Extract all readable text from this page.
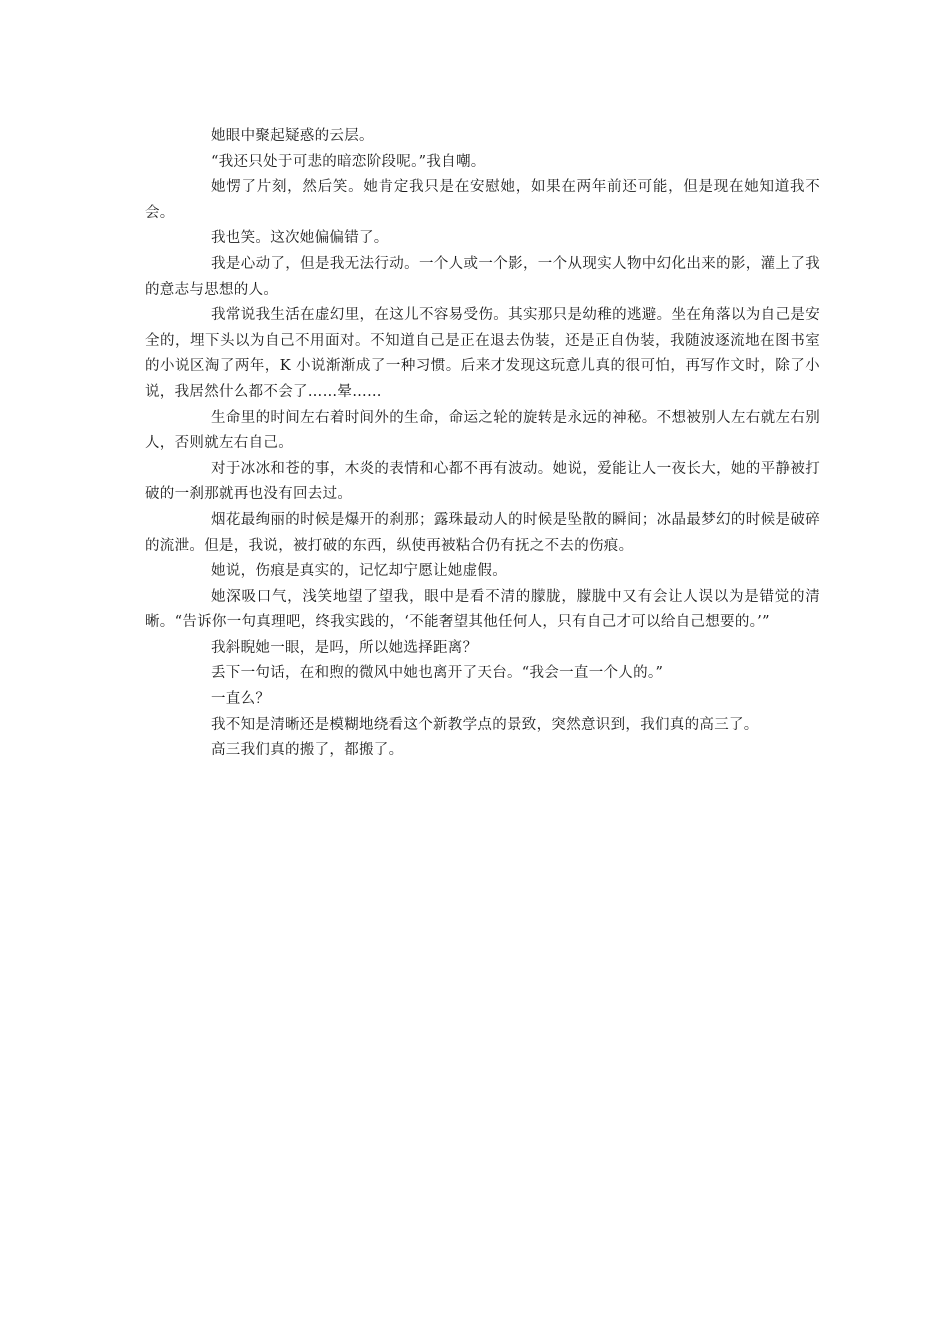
她眼中聚起疑惑的云层。

“我还只处于可悲的暗恋阶段呢。”我自嘲。

她愣了片刻，然后笑。她肯定我只是在安慰她，如果在两年前还可能，但是现在她知道我不会。

我也笑。这次她偏偏错了。

我是心动了，但是我无法行动。一个人或一个影，一个从现实人物中幻化出来的影，灌上了我的意志与思想的人。

我常说我生活在虚幻里，在这儿不容易受伤。其实那只是幼稚的逃避。坐在角落以为自己是安全的，埋下头以为自己不用面对。不知道自己是正在退去伪装，还是正自伪装，我随波逐流地在图书室的小说区淘了两年，K 小说渐渐成了一种习惯。后来才发现这玩意儿真的很可怕，再写作文时，除了小说，我居然什么都不会了……晕……

生命里的时间左右着时间外的生命，命运之轮的旋转是永远的神秘。不想被别人左右就左右别人，否则就左右自己。

对于冰冰和苍的事，木炎的表情和心都不再有波动。她说，爱能让人一夜长大，她的平静被打破的一刹那就再也没有回去过。

烟花最绚丽的时候是爆开的刹那；露珠最动人的时候是坠散的瞬间；冰晶最梦幻的时候是破碎的流泄。但是，我说，被打破的东西，纵使再被粘合仍有抚之不去的伤痕。

她说，伤痕是真实的，记忆却宁愿让她虚假。

她深吸口气，浅笑地望了望我，眼中是看不清的朦胧，朦胧中又有会让人误以为是错觉的清晰。“告诉你一句真理吧，终我实践的，‘不能奢望其他任何人，只有自己才可以给自己想要的。’”

我斜睨她一眼，是吗，所以她选择距离？

丢下一句话，在和煦的微风中她也离开了天台。“我会一直一个人的。”

一直么？

我不知是清晰还是模糊地绕看这个新教学点的景致，突然意识到，我们真的高三了。

高三我们真的搬了，都搬了。
